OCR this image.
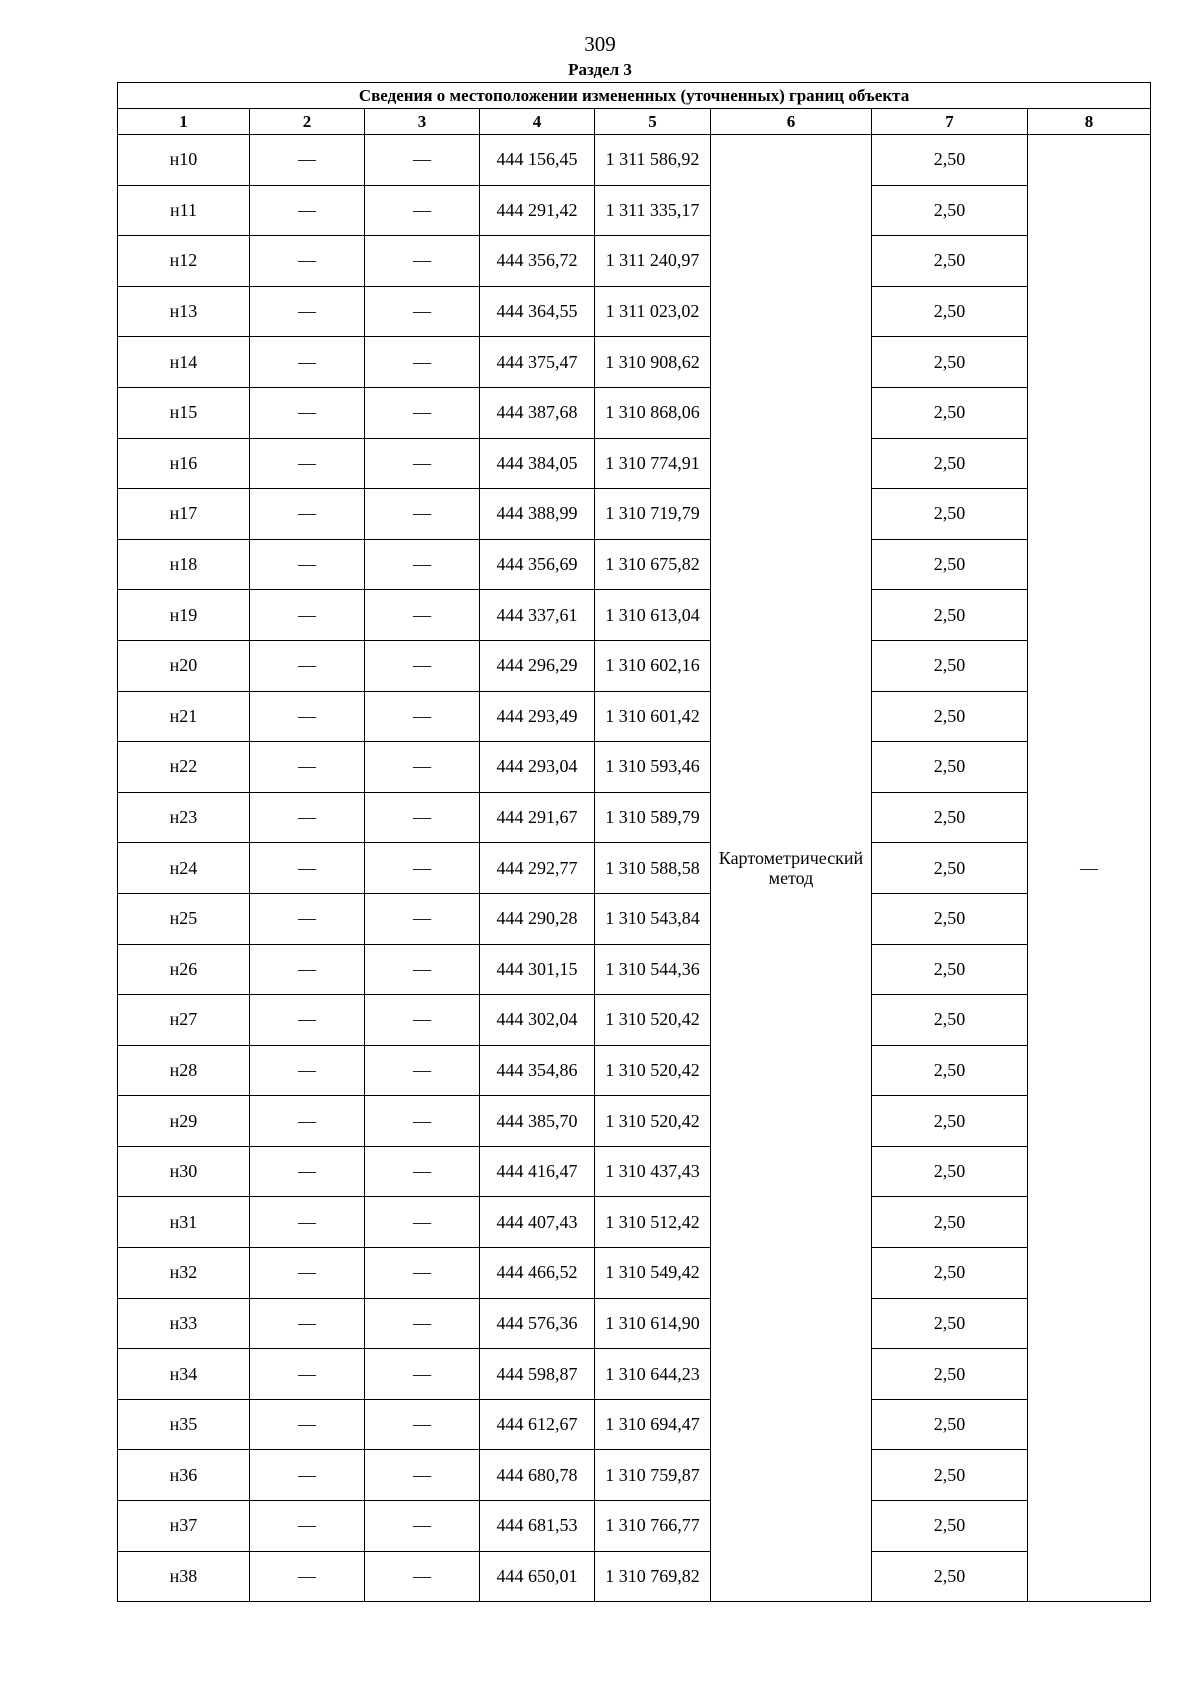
309
Раздел 3
Сведения о местоположении измененных (уточненных) границ объекта							
1	2	3	4	5	6	7	8
н10	—	—	444 156,45	1 311 586,92	Картометрический метод	2,50	—
н11	—	—	444 291,42	1 311 335,17		2,50	
н12	—	—	444 356,72	1 311 240,97		2,50	
н13	—	—	444 364,55	1 311 023,02		2,50	
н14	—	—	444 375,47	1 310 908,62		2,50	
н15	—	—	444 387,68	1 310 868,06		2,50	
н16	—	—	444 384,05	1 310 774,91		2,50	
н17	—	—	444 388,99	1 310 719,79		2,50	
н18	—	—	444 356,69	1 310 675,82		2,50	
н19	—	—	444 337,61	1 310 613,04		2,50	
н20	—	—	444 296,29	1 310 602,16		2,50	
н21	—	—	444 293,49	1 310 601,42		2,50	
н22	—	—	444 293,04	1 310 593,46		2,50	
н23	—	—	444 291,67	1 310 589,79		2,50	
н24	—	—	444 292,77	1 310 588,58		2,50	
н25	—	—	444 290,28	1 310 543,84		2,50	
н26	—	—	444 301,15	1 310 544,36		2,50	
н27	—	—	444 302,04	1 310 520,42		2,50	
н28	—	—	444 354,86	1 310 520,42		2,50	
н29	—	—	444 385,70	1 310 520,42		2,50	
н30	—	—	444 416,47	1 310 437,43		2,50	
н31	—	—	444 407,43	1 310 512,42		2,50	
н32	—	—	444 466,52	1 310 549,42		2,50	
н33	—	—	444 576,36	1 310 614,90		2,50	
н34	—	—	444 598,87	1 310 644,23		2,50	
н35	—	—	444 612,67	1 310 694,47		2,50	
н36	—	—	444 680,78	1 310 759,87		2,50	
н37	—	—	444 681,53	1 310 766,77		2,50	
н38	—	—	444 650,01	1 310 769,82		2,50	
